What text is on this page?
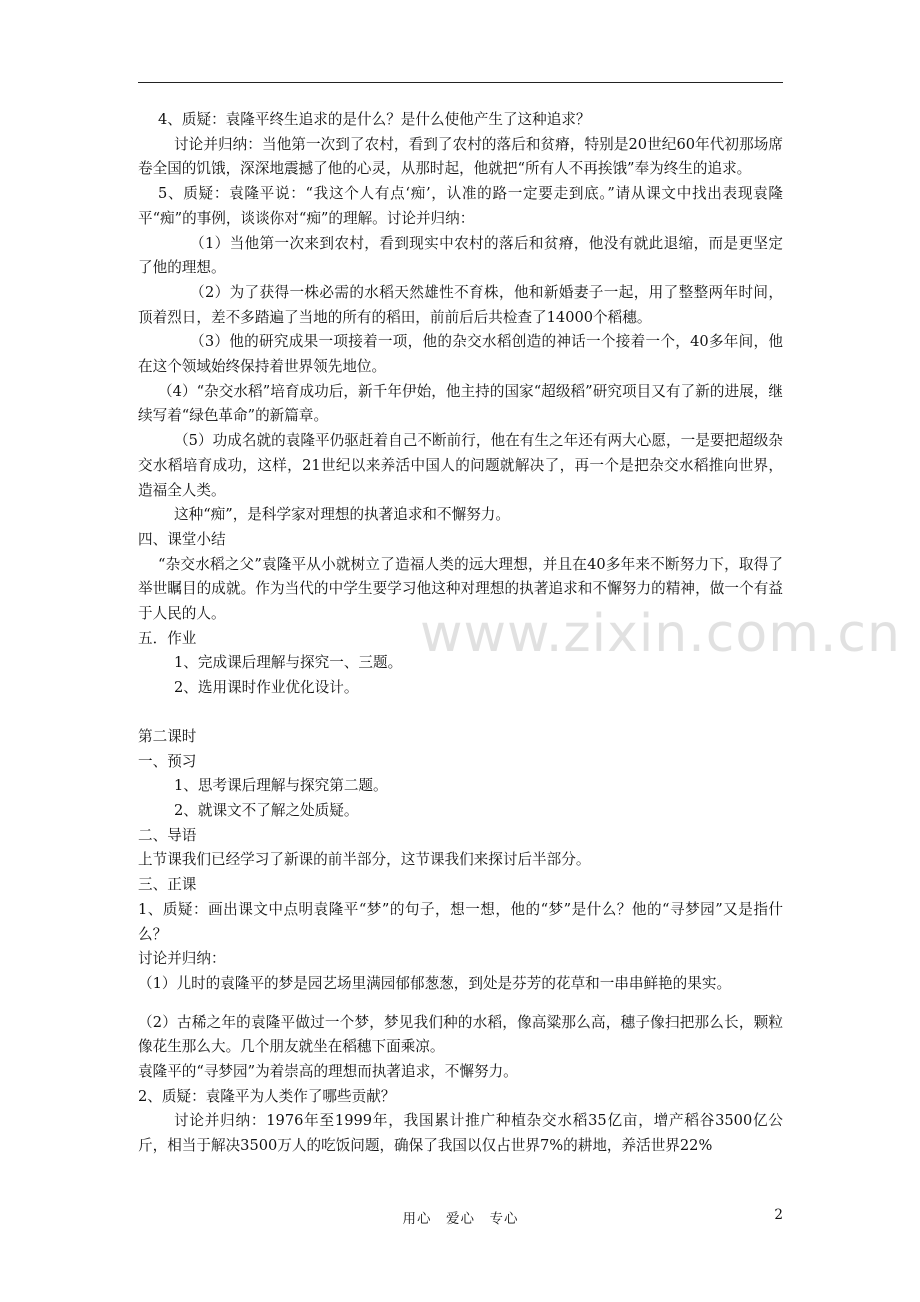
4、质疑：袁隆平终生追求的是什么？是什么使他产生了这种追求？

讨论并归纳：当他第一次到了农村，看到了农村的落后和贫瘠，特别是20世纪60年代初那场席卷全国的饥饿，深深地震撼了他的心灵，从那时起，他就把“所有人不再挨饿”奉为终生的追求。

5、质疑：袁隆平说：“我这个人有点‘痴’，认准的路一定要走到底。”请从课文中找出表现袁隆平“痴”的事例，谈谈你对“痴”的理解。讨论并归纳：

（1）当他第一次来到农村，看到现实中农村的落后和贫瘠，他没有就此退缩，而是更坚定了他的理想。

（2）为了获得一株必需的水稻天然雄性不育株，他和新婚妻子一起，用了整整两年时间，顶着烈日，差不多踏遍了当地的所有的稻田，前前后后共检查了14000个稻穗。

（3）他的研究成果一项接着一项，他的杂交水稻创造的神话一个接着一个，40多年间，他在这个领域始终保持着世界领先地位。

（4）“杂交水稻”培育成功后，新千年伊始，他主持的国家“超级稻”研究项目又有了新的进展，继续写着“绿色革命”的新篇章。

（5）功成名就的袁隆平仍驱赶着自己不断前行，他在有生之年还有两大心愿，一是要把超级杂交水稻培育成功，这样，21世纪以来养活中国人的问题就解决了，再一个是把杂交水稻推向世界，造福全人类。

这种“痴”，是科学家对理想的执著追求和不懈努力。

四、课堂小结

“杂交水稻之父”袁隆平从小就树立了造福人类的远大理想，并且在40多年来不断努力下，取得了举世瞩目的成就。作为当代的中学生要学习他这种对理想的执著追求和不懈努力的精神，做一个有益于人民的人。

五．作业

1、完成课后理解与探究一、三题。

2、选用课时作业优化设计。

第二课时

一、预习

1、思考课后理解与探究第二题。

2、就课文不了解之处质疑。

二、导语

上节课我们已经学习了新课的前半部分，这节课我们来探讨后半部分。

三、正课

1、质疑：画出课文中点明袁隆平“梦”的句子，想一想，他的“梦”是什么？他的“寻梦园”又是指什么？

讨论并归纳：

（1）儿时的袁隆平的梦是园艺场里满园郁郁葱葱，到处是芬芳的花草和一串串鲜艳的果实。

（2）古稀之年的袁隆平做过一个梦，梦见我们种的水稻，像高粱那么高，穗子像扫把那么长，颗粒像花生那么大。几个朋友就坐在稻穗下面乘凉。

袁隆平的“寻梦园”为着崇高的理想而执著追求，不懈努力。

2、质疑：袁隆平为人类作了哪些贡献？

讨论并归纳：1976年至1999年，我国累计推广种植杂交水稻35亿亩，增产稻谷3500亿公斤，相当于解决3500万人的吃饭问题，确保了我国以仅占世界7%的耕地，养活世界22%

www.zixin.com.cn
用心　爱心　专心	2
